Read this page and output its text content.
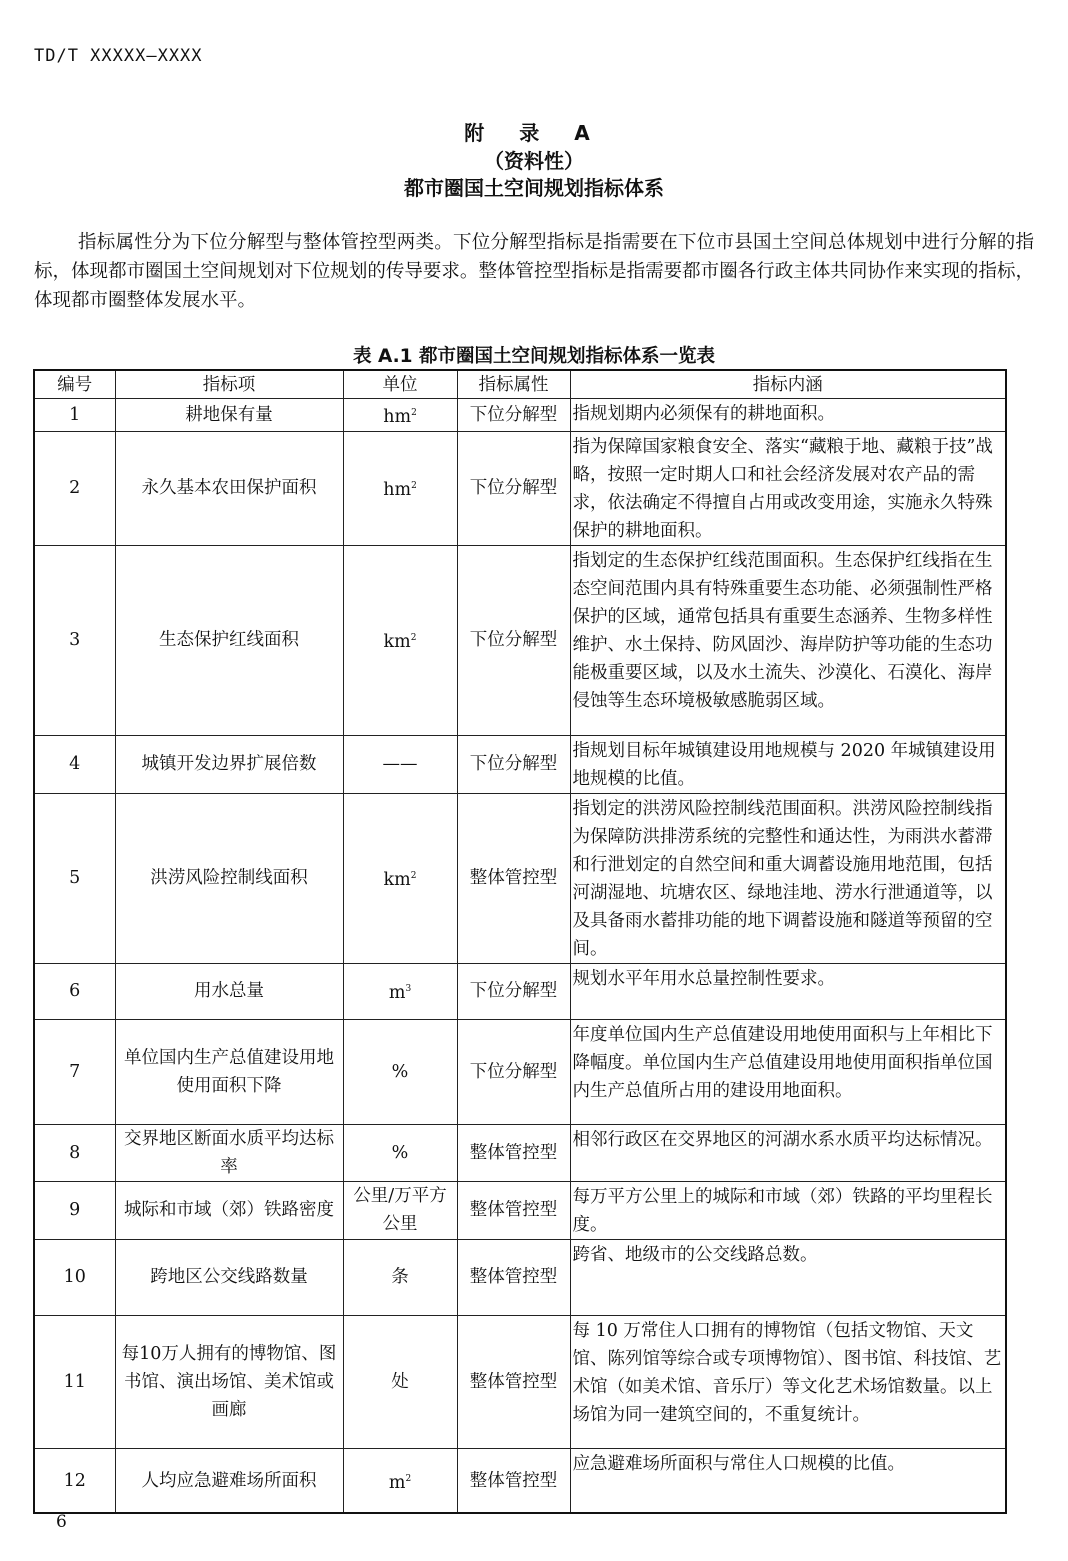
TD/T XXXXX—XXXX
附 录 A
（资料性）
都市圈国土空间规划指标体系

指标属性分为下位分解型与整体管控型两类。下位分解型指标是指需要在下位市县国土空间总体规划中进行分解的指标，体现都市圈国土空间规划对下位规划的传导要求。整体管控型指标是指需要都市圈各行政主体共同协作来实现的指标，体现都市圈整体发展水平。

表 A.1 都市圈国土空间规划指标体系一览表
编号	指标项	单位	指标属性	指标内涵
1	耕地保有量	$hm^2$	下位分解型	指规划期内必须保有的耕地面积。
2	永久基本农田保护面积	$hm^2$	下位分解型	指为保障国家粮食安全、落实“藏粮于地、藏粮于技”战略，按照一定时期人口和社会经济发展对农产品的需求，依法确定不得擅自占用或改变用途，实施永久特殊保护的耕地面积。
3	生态保护红线面积	$km^2$	下位分解型	指划定的生态保护红线范围面积。生态保护红线指在生态空间范围内具有特殊重要生态功能、必须强制性严格保护的区域，通常包括具有重要生态涵养、生物多样性维护、水土保持、防风固沙、海岸防护等功能的生态功能极重要区域，以及水土流失、沙漠化、石漠化、海岸侵蚀等生态环境极敏感脆弱区域。
4	城镇开发边界扩展倍数	——	下位分解型	指规划目标年城镇建设用地规模与 2020 年城镇建设用地规模的比值。
5	洪涝风险控制线面积	$km^2$	整体管控型	指划定的洪涝风险控制线范围面积。洪涝风险控制线指为保障防洪排涝系统的完整性和通达性，为雨洪水蓄滞和行泄划定的自然空间和重大调蓄设施用地范围，包括河湖湿地、坑塘农区、绿地洼地、涝水行泄通道等，以及具备雨水蓄排功能的地下调蓄设施和隧道等预留的空间。
6	用水总量	$m^3$	下位分解型	规划水平年用水总量控制性要求。
7	单位国内生产总值建设用地使用面积下降	%	下位分解型	年度单位国内生产总值建设用地使用面积与上年相比下降幅度。单位国内生产总值建设用地使用面积指单位国内生产总值所占用的建设用地面积。
8	交界地区断面水质平均达标率	%	整体管控型	相邻行政区在交界地区的河湖水系水质平均达标情况。
9	城际和市域（郊）铁路密度	公里/万平方公里	整体管控型	每万平方公里上的城际和市域（郊）铁路的平均里程长度。
10	跨地区公交线路数量	条	整体管控型	跨省、地级市的公交线路总数。
11	每10万人拥有的博物馆、图书馆、演出场馆、美术馆或画廊	处	整体管控型	每 10 万常住人口拥有的博物馆（包括文物馆、天文馆、陈列馆等综合或专项博物馆）、图书馆、科技馆、艺术馆（如美术馆、音乐厅）等文化艺术场馆数量。以上场馆为同一建筑空间的，不重复统计。
12	人均应急避难场所面积	$m^2$	整体管控型	应急避难场所面积与常住人口规模的比值。
6
